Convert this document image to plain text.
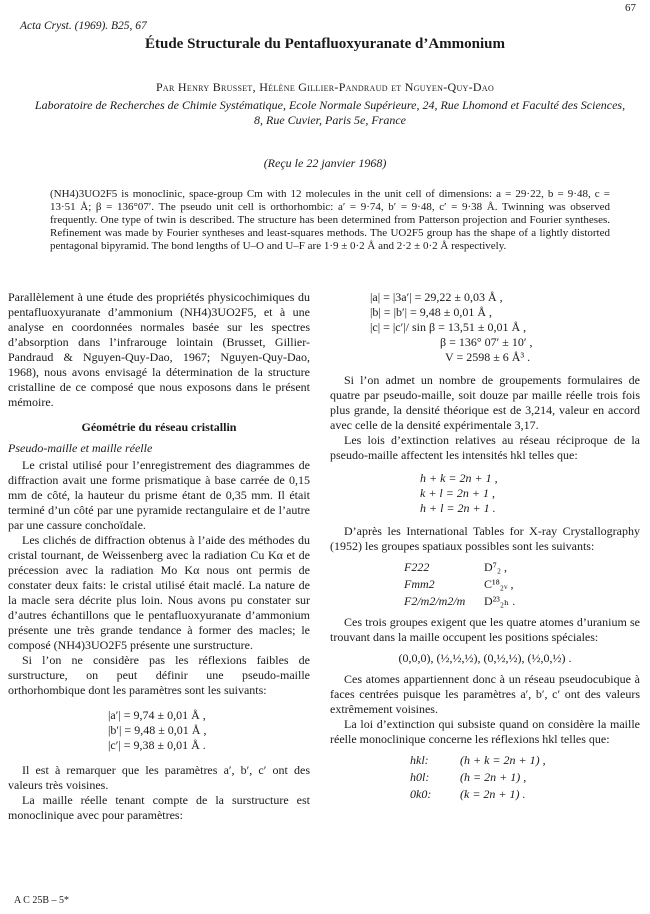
67
Acta Cryst. (1969). B25, 67
Étude Structurale du Pentafluoxyuranate d’Ammonium
Par Henry Brusset, Hélène Gillier-Pandraud et Nguyen-Quy-Dao
Laboratoire de Recherches de Chimie Systématique, Ecole Normale Supérieure, 24, Rue Lhomond et Faculté des Sciences, 8, Rue Cuvier, Paris 5e, France
(Reçu le 22 janvier 1968)
(NH4)3UO2F5 is monoclinic, space-group Cm with 12 molecules in the unit cell of dimensions: a = 29·22, b = 9·48, c = 13·51 Å; β = 136°07′. The pseudo unit cell is orthorhombic: a′ = 9·74, b′ = 9·48, c′ = 9·38 Å. Twinning was observed frequently. One type of twin is described. The structure has been determined from Patterson projection and Fourier syntheses. Refinement was made by Fourier syntheses and least-squares methods. The UO2F5 group has the shape of a lightly distorted pentagonal bipyramid. The bond lengths of U–O and U–F are 1·9 ± 0·2 Å and 2·2 ± 0·2 Å respectively.

Parallèlement à une étude des propriétés physicochimiques du pentafluoxyuranate d’ammonium (NH4)3UO2F5, et à une analyse en coordonnées normales basée sur les spectres d’absorption dans l’infrarouge lointain (Brusset, Gillier-Pandraud & Nguyen-Quy-Dao, 1967; Nguyen-Quy-Dao, 1968), nous avons envisagé la détermination de la structure cristalline de ce composé que nous exposons dans le présent mémoire.

Géométrie du réseau cristallin
Pseudo-maille et maille réelle

Le cristal utilisé pour l’enregistrement des diagrammes de diffraction avait une forme prismatique à base carrée de 0,15 mm de côté, la hauteur du prisme étant de 0,35 mm. Il était terminé d’un côté par une pyramide rectangulaire et de l’autre par une cassure conchoïdale.

Les clichés de diffraction obtenus à l’aide des méthodes du cristal tournant, de Weissenberg avec la radiation Cu Kα et de précession avec la radiation Mo Kα nous ont permis de constater deux faits: le cristal utilisé était maclé. La nature de la macle sera décrite plus loin. Nous avons pu constater sur d’autres échantillons que le pentafluoxyuranate d’ammonium présente une très grande tendance à former des macles; le composé (NH4)3UO2F5 présente une surstructure.

Si l’on ne considère pas les réflexions faibles de surstructure, on peut définir une pseudo-maille orthorhombique dont les paramètres sont les suivants:

|a′| = 9,74 ± 0,01 Å ,
|b′| = 9,48 ± 0,01 Å ,
|c′| = 9,38 ± 0,01 Å .

Il est à remarquer que les paramètres a′, b′, c′ ont des valeurs très voisines.

La maille réelle tenant compte de la surstructure est monoclinique avec pour paramètres:

|a| = |3a′| = 29,22 ± 0,03 Å ,
|b| = |b′| = 9,48 ± 0,01 Å ,
|c| = |c′|/ sin β = 13,51 ± 0,01 Å ,
β = 136° 07′ ± 10′ ,
V = 2598 ± 6 Å³ .

Si l’on admet un nombre de groupements formulaires de quatre par pseudo-maille, soit douze par maille réelle trois fois plus grande, la densité théorique est de 3,214, valeur en accord avec celle de la densité expérimentale 3,17.

Les lois d’extinction relatives au réseau réciproque de la pseudo-maille affectent les intensités hkl telles que:

h + k = 2n + 1 ,
k + l = 2n + 1 ,
h + l = 2n + 1 .

D’après les International Tables for X-ray Crystallography (1952) les groupes spatiaux possibles sont les suivants:

F222	D⁷₂ ,
Fmm2	C¹⁸₂ᵥ ,
F2/m2/m2/m	D²³₂ₕ .

Ces trois groupes exigent que les quatre atomes d’uranium se trouvant dans la maille occupent les positions spéciales:

(0,0,0), (½,½,½), (0,½,½), (½,0,½) .

Ces atomes appartiennent donc à un réseau pseudocubique à faces centrées puisque les paramètres a′, b′, c′ ont des valeurs extrêmement voisines.

La loi d’extinction qui subsiste quand on considère la maille réelle monoclinique concerne les réflexions hkl telles que:

hkl:	(h + k = 2n + 1) ,
h0l:	(h = 2n + 1) ,
0k0:	(k = 2n + 1) .
A C 25B – 5*
